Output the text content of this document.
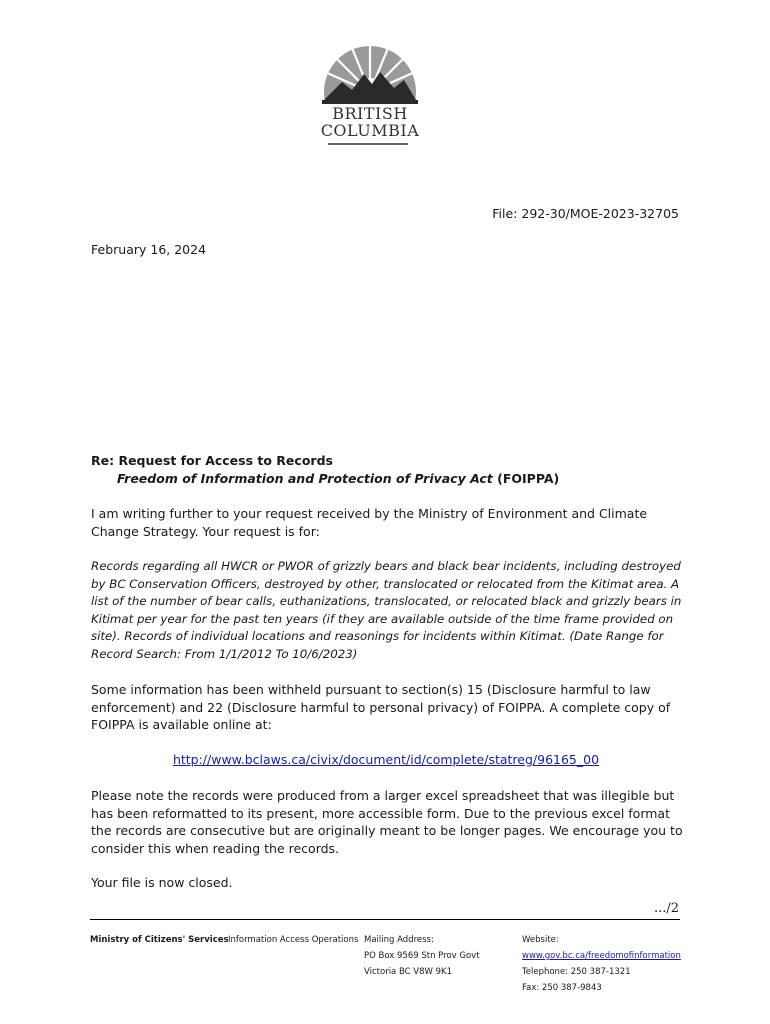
BRITISH
COLUMBIA
File: 292-30/MOE-2023-32705
February 16, 2024
Re: Request for Access to Records
Freedom of Information and Protection of Privacy Act (FOIPPA)
I am writing further to your request received by the Ministry of Environment and Climate Change Strategy. Your request is for:
Records regarding all HWCR or PWOR of grizzly bears and black bear incidents, including destroyed by BC Conservation Officers, destroyed by other, translocated or relocated from the Kitimat area. A list of the number of bear calls, euthanizations, translocated, or relocated black and grizzly bears in Kitimat per year for the past ten years (if they are available outside of the time frame provided on site). Records of individual locations and reasonings for incidents within Kitimat. (Date Range for Record Search: From 1/1/2012 To 10/6/2023)
Some information has been withheld pursuant to section(s) 15 (Disclosure harmful to law enforcement) and 22 (Disclosure harmful to personal privacy) of FOIPPA. A complete copy of FOIPPA is available online at:
http://www.bclaws.ca/civix/document/id/complete/statreg/96165_00
Please note the records were produced from a larger excel spreadsheet that was illegible but has been reformatted to its present, more accessible form. Due to the previous excel format the records are consecutive but are originally meant to be longer pages. We encourage you to consider this when reading the records.
Your file is now closed.
.../2
Ministry of Citizens' Services Information Access Operations Mailing Address:
PO Box 9569 Stn Prov Govt
Victoria BC V8W 9K1
Website:
www.gov.bc.ca/freedomofinformation
Telephone: 250 387-1321
Fax: 250 387-9843
